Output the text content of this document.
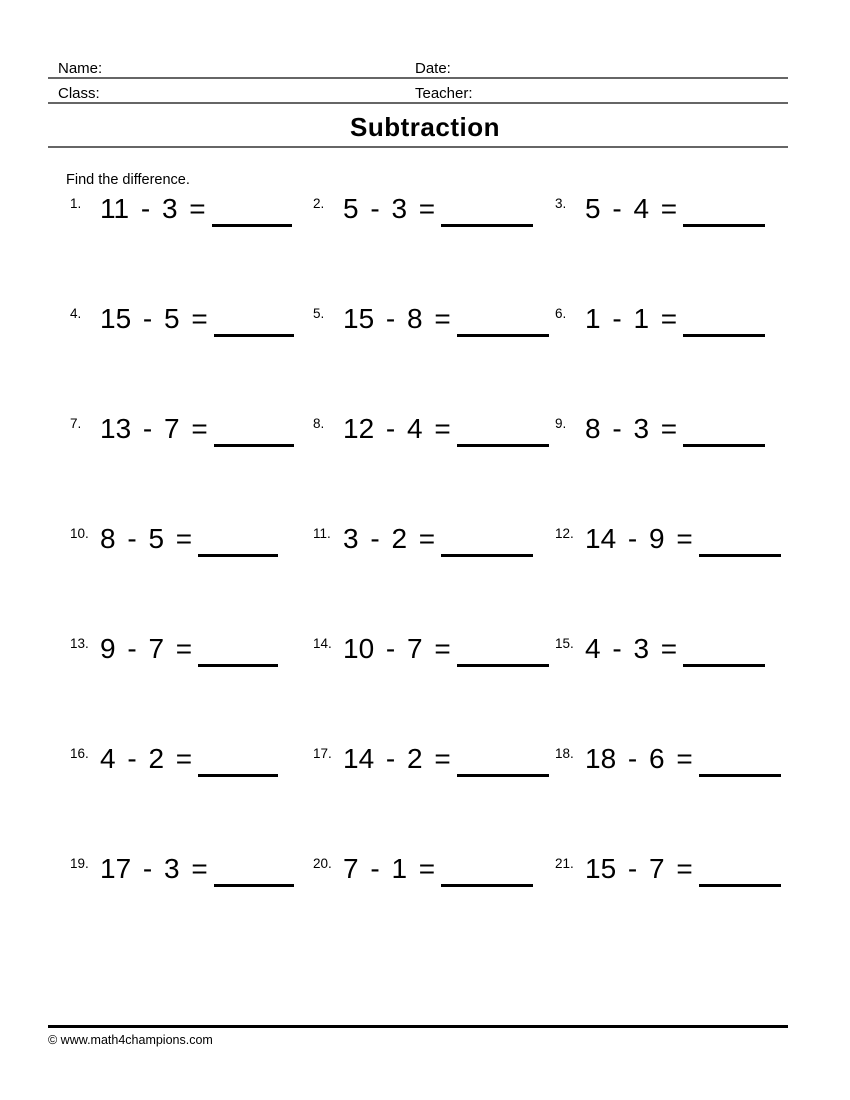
Name:	Date:
Class:	Teacher:
Subtraction
Find the difference.
1. 11 - 3 =	2. 5 - 3 =	3. 5 - 4 =
4. 15 - 5 =	5. 15 - 8 =	6. 1 - 1 =
7. 13 - 7 =	8. 12 - 4 =	9. 8 - 3 =
10. 8 - 5 =	11. 3 - 2 =	12. 14 - 9 =
13. 9 - 7 =	14. 10 - 7 =	15. 4 - 3 =
16. 4 - 2 =	17. 14 - 2 =	18. 18 - 6 =
19. 17 - 3 =	20. 7 - 1 =	21. 15 - 7 =
© www.math4champions.com
